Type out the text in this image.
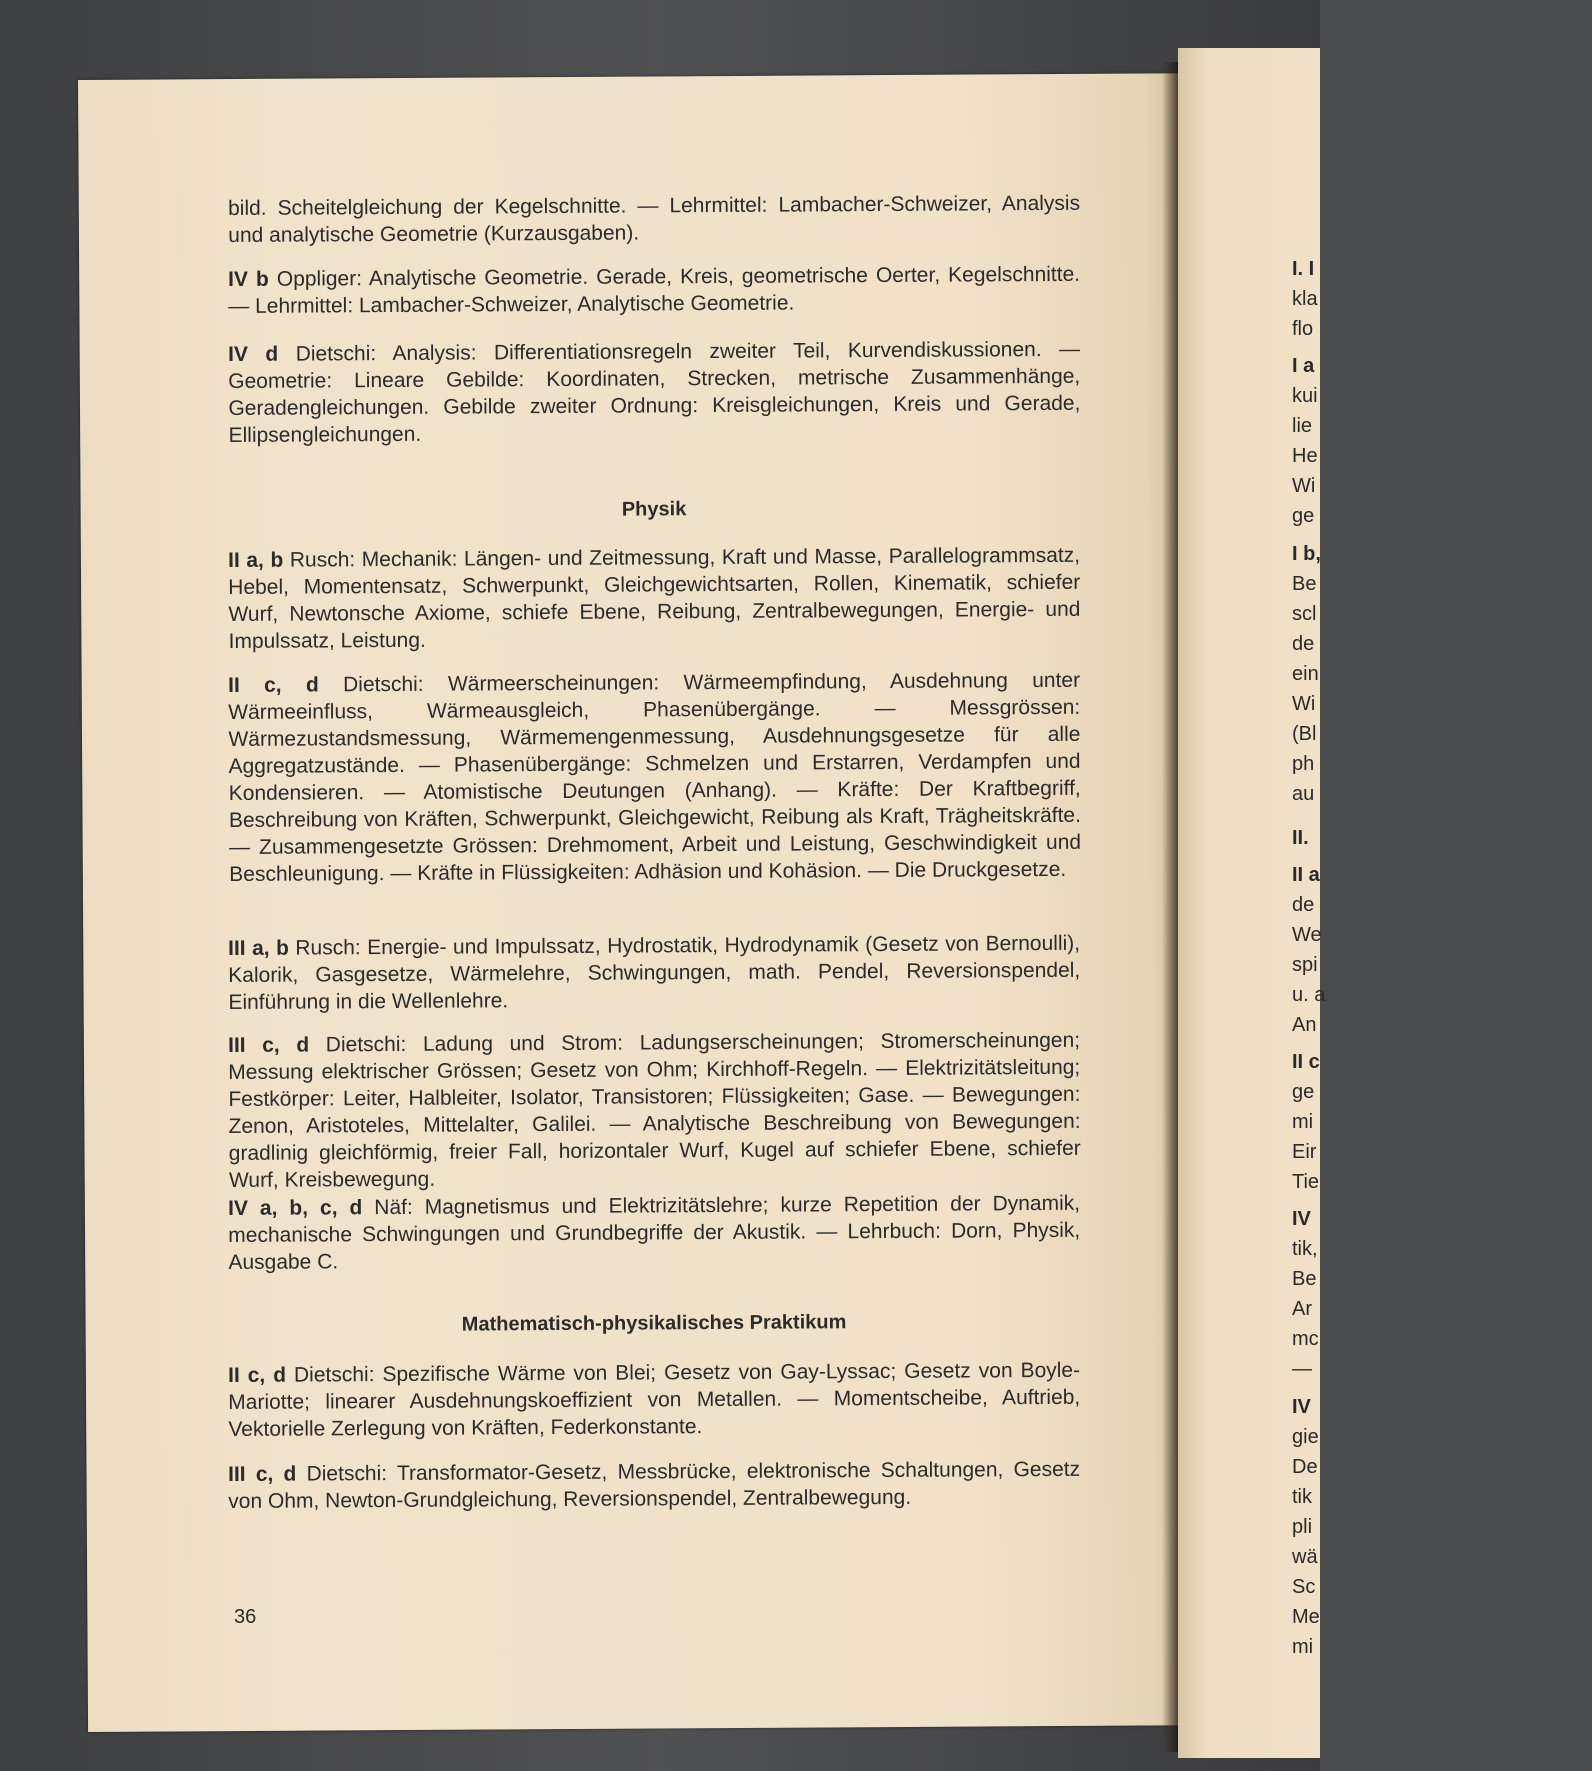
I. I
kla
flo
I a
kui
lie
He
Wi
ge
I b,
Be
scl
de
ein
Wi
(Bl
ph
au
II.
II a
de
We
spi
u. a
An
II c
ge
mi
Eir
Tie
IV
tik,
Be
Ar
mc
—
IV
gie
De
tik
pli
wä
Sc
Me
mi

bild. Scheitelgleichung der Kegelschnitte. — Lehrmittel: Lambacher-Schweizer, Analysis und analytische Geometrie (Kurzausgaben).

IV b Oppliger: Analytische Geometrie. Gerade, Kreis, geometrische Oerter, Kegelschnitte. — Lehrmittel: Lambacher-Schweizer, Analytische Geometrie.

IV d Dietschi: Analysis: Differentiationsregeln zweiter Teil, Kurvendiskussionen. — Geometrie: Lineare Gebilde: Koordinaten, Strecken, metrische Zusammenhänge, Geradengleichungen. Gebilde zweiter Ordnung: Kreisgleichungen, Kreis und Gerade, Ellipsengleichungen.

Physik

II a, b Rusch: Mechanik: Längen- und Zeitmessung, Kraft und Masse, Parallelogrammsatz, Hebel, Momentensatz, Schwerpunkt, Gleichgewichtsarten, Rollen, Kinematik, schiefer Wurf, Newtonsche Axiome, schiefe Ebene, Reibung, Zentralbewegungen, Energie- und Impulssatz, Leistung.

II c, d Dietschi: Wärmeerscheinungen: Wärmeempfindung, Ausdehnung unter Wärmeeinfluss, Wärmeausgleich, Phasenübergänge. — Messgrössen: Wärmezustandsmessung, Wärmemengenmessung, Ausdehnungsgesetze für alle Aggregatzustände. — Phasenübergänge: Schmelzen und Erstarren, Verdampfen und Kondensieren. — Atomistische Deutungen (Anhang). — Kräfte: Der Kraftbegriff, Beschreibung von Kräften, Schwerpunkt, Gleichgewicht, Reibung als Kraft, Trägheitskräfte. — Zusammengesetzte Grössen: Drehmoment, Arbeit und Leistung, Geschwindigkeit und Beschleunigung. — Kräfte in Flüssigkeiten: Adhäsion und Kohäsion. — Die Druckgesetze.

III a, b Rusch: Energie- und Impulssatz, Hydrostatik, Hydrodynamik (Gesetz von Bernoulli), Kalorik, Gasgesetze, Wärmelehre, Schwingungen, math. Pendel, Reversionspendel, Einführung in die Wellenlehre.

III c, d Dietschi: Ladung und Strom: Ladungserscheinungen; Stromerscheinungen; Messung elektrischer Grössen; Gesetz von Ohm; Kirchhoff-Regeln. — Elektrizitätsleitung; Festkörper: Leiter, Halbleiter, Isolator, Transistoren; Flüssigkeiten; Gase. — Bewegungen: Zenon, Aristoteles, Mittelalter, Galilei. — Analytische Beschreibung von Bewegungen: gradlinig gleichförmig, freier Fall, horizontaler Wurf, Kugel auf schiefer Ebene, schiefer Wurf, Kreisbewegung.

IV a, b, c, d Näf: Magnetismus und Elektrizitätslehre; kurze Repetition der Dynamik, mechanische Schwingungen und Grundbegriffe der Akustik. — Lehrbuch: Dorn, Physik, Ausgabe C.

Mathematisch-physikalisches Praktikum

II c, d Dietschi: Spezifische Wärme von Blei; Gesetz von Gay-Lyssac; Gesetz von Boyle-Mariotte; linearer Ausdehnungskoeffizient von Metallen. — Momentscheibe, Auftrieb, Vektorielle Zerlegung von Kräften, Federkonstante.

III c, d Dietschi: Transformator-Gesetz, Messbrücke, elektronische Schaltungen, Gesetz von Ohm, Newton-Grundgleichung, Reversionspendel, Zentralbewegung.

36
